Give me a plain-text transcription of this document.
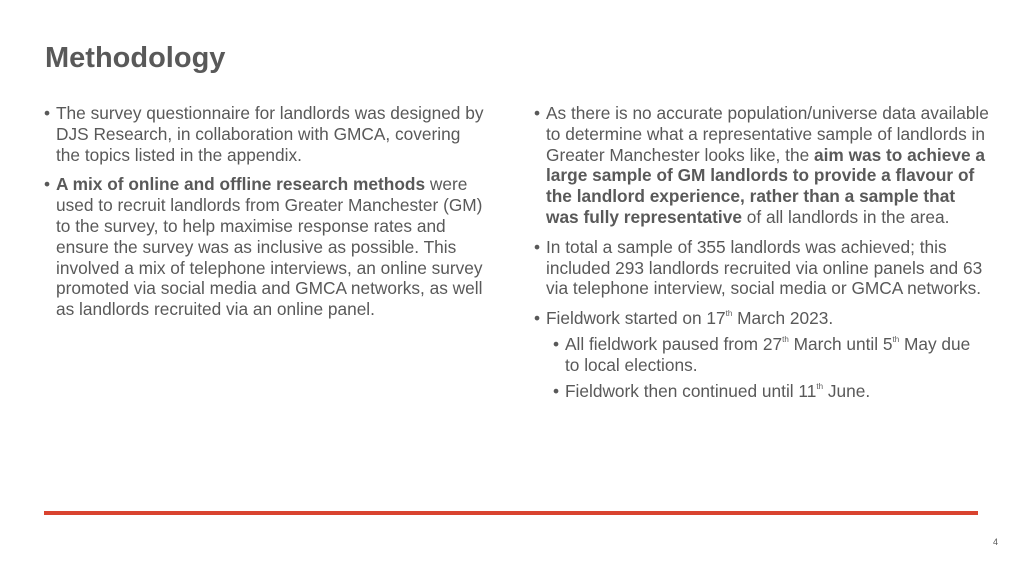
Methodology
• The survey questionnaire for landlords was designed by DJS Research, in collaboration with GMCA, covering the topics listed in the appendix.
• A mix of online and offline research methods were used to recruit landlords from Greater Manchester (GM) to the survey, to help maximise response rates and ensure the survey was as inclusive as possible. This involved a mix of telephone interviews, an online survey promoted via social media and GMCA networks, as well as landlords recruited via an online panel.
• As there is no accurate population/universe data available to determine what a representative sample of landlords in Greater Manchester looks like, the aim was to achieve a large sample of GM landlords to provide a flavour of the landlord experience, rather than a sample that was fully representative of all landlords in the area.
• In total a sample of 355 landlords was achieved; this included 293 landlords recruited via online panels and 63 via telephone interview, social media or GMCA networks.
• Fieldwork started on 17th March 2023.
• All fieldwork paused from 27th March until 5th May due to local elections.
• Fieldwork then continued until 11th June.
4
